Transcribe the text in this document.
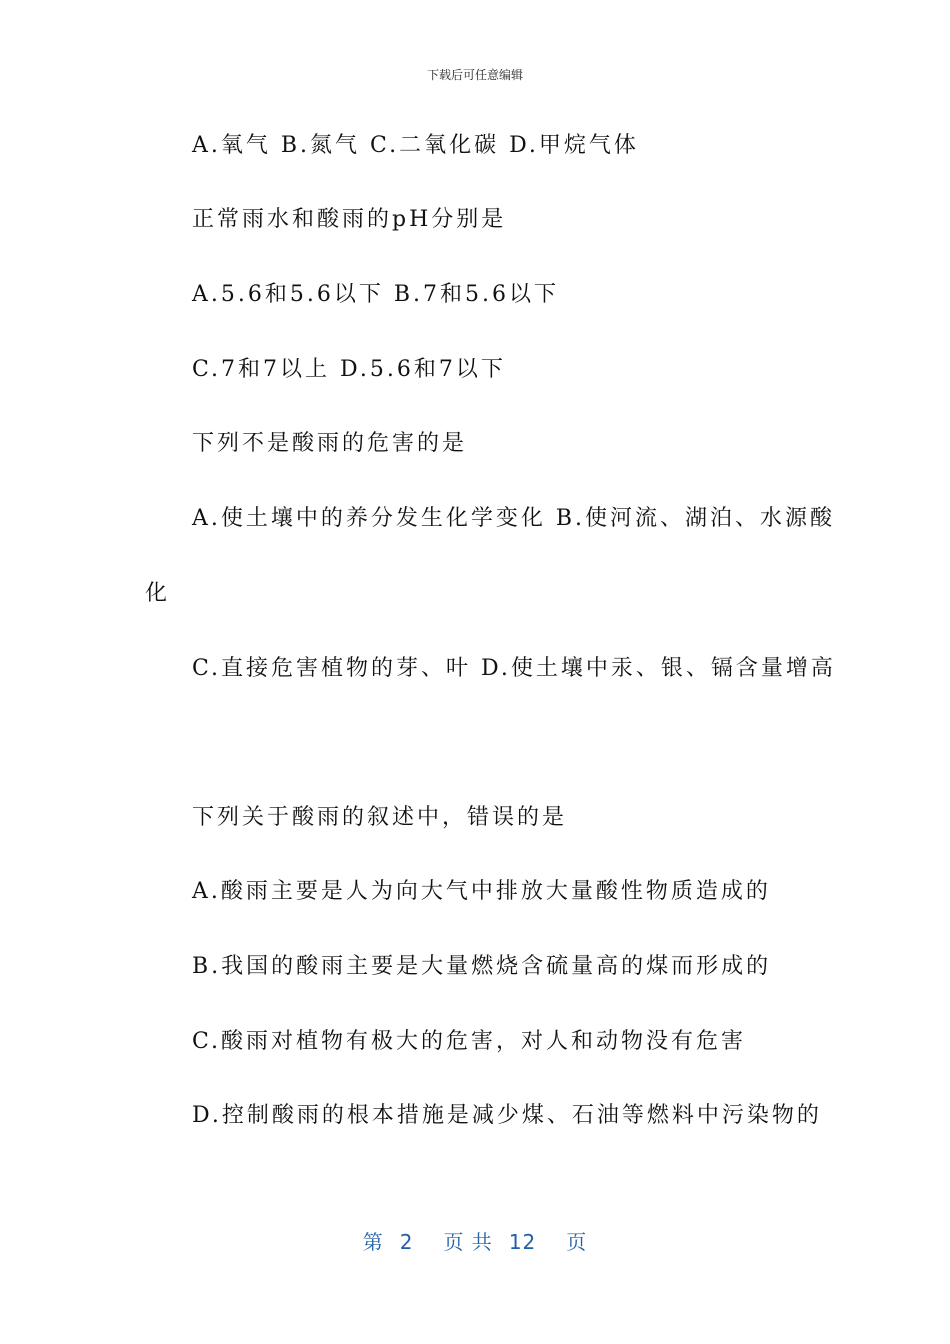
下载后可任意编辑
A.氧气 B.氮气 C.二氧化碳 D.甲烷气体
正常雨水和酸雨的pH分别是
A.5.6和5.6以下 B.7和5.6以下
C.7和7以上 D.5.6和7以下
下列不是酸雨的危害的是
A.使土壤中的养分发生化学变化 B.使河流、湖泊、水源酸
化
C.直接危害植物的芽、叶 D.使土壤中汞、银、镉含量增高
下列关于酸雨的叙述中，错误的是
A.酸雨主要是人为向大气中排放大量酸性物质造成的
B.我国的酸雨主要是大量燃烧含硫量高的煤而形成的
C.酸雨对植物有极大的危害，对人和动物没有危害
D.控制酸雨的根本措施是减少煤、石油等燃料中污染物的
第 2 页 共 12 页
